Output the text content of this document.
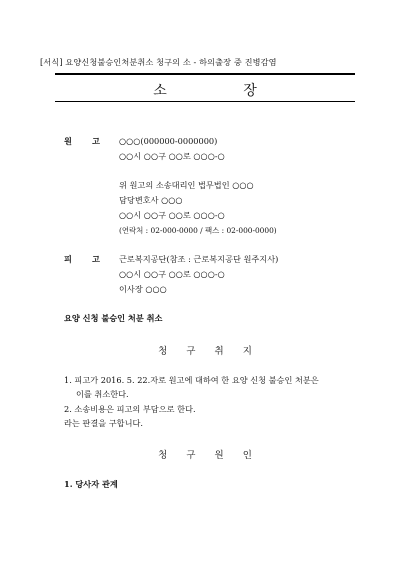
[서식] 요양신청불승인처분취소 청구의 소 - 하의출장 중 진병감염
소 장
원 고 ○○○(000000-0000000)
○○시 ○○구 ○○로 ○○○-○
위 원고의 소송대리인 법무법인 ○○○
담당변호사 ○○○
○○시 ○○구 ○○로 ○○○-○
(연락처 : 02-000-0000 / 팩스 : 02-000-0000)
피 고 근로복지공단(참조 : 근로복지공단 원주지사)
○○시 ○○구 ○○로 ○○○-○
이사장 ○○○
요양 신청 불승인 처분 취소
청 구 취 지
1. 피고가 2016. 5. 22.자로 원고에 대하여 한 요양 신청 불승인 처분은
이를 취소한다.
2. 소송비용은 피고의 부담으로 한다.
라는 판결을 구합니다.
청 구 원 인
1. 당사자 관계
